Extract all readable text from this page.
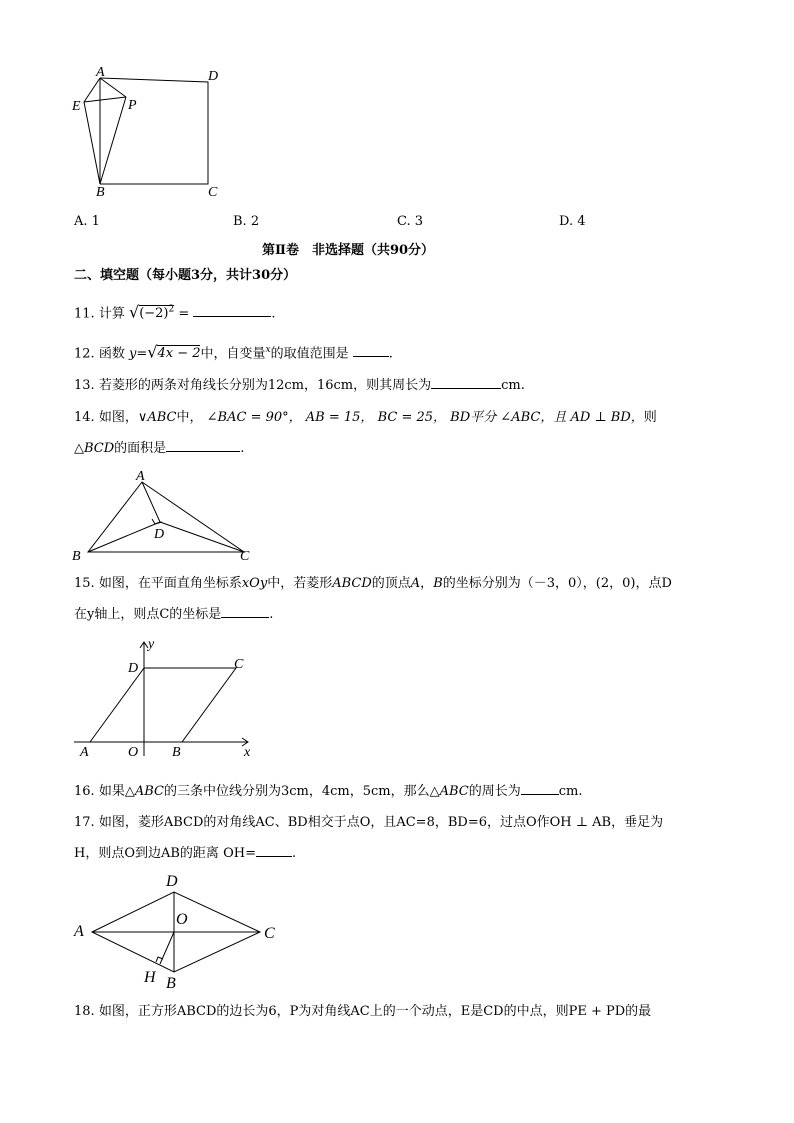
A	D
E	P
B	C
A. 1	B. 2	C. 3	D. 4
第Ⅱ卷　非选择题（共90分）
二、填空题（每小题3分，共计30分）
11. 计算 $√(-2)^2$ =	.
12. 函数 y=√4x − 2中，自变量$^x$的取值范围是	.
13. 若菱形的两条对角线长分别为12cm，16cm，则其周长为	cm.
14. 如图，∨ABC中， ∠BAC = 90°， AB = 15， BC = 25， BD平分 ∠ABC，且 AD ⊥ BD，则
△BCD的面积是	.
A
B	C
D
15. 如图，在平面直角坐标系xOy中，若菱形ABCD的顶点A，B的坐标分别为（－3，0），(2，0)，点D
在y轴上，则点C的坐标是	.
y
D	C
A	O B	x
16. 如果△ABC的三条中位线分别为3cm，4cm，5cm，那么△ABC的周长为	cm.
17. 如图，菱形ABCD的对角线AC、BD相交于点O，且AC=8，BD=6，过点O作OH ⊥ AB，垂足为
H，则点O到边AB的距离 OH=	.
D
A
O
C
H B
18. 如图，正方形ABCD的边长为6，P为对角线AC上的一个动点，E是CD的中点，则PE + PD的最
